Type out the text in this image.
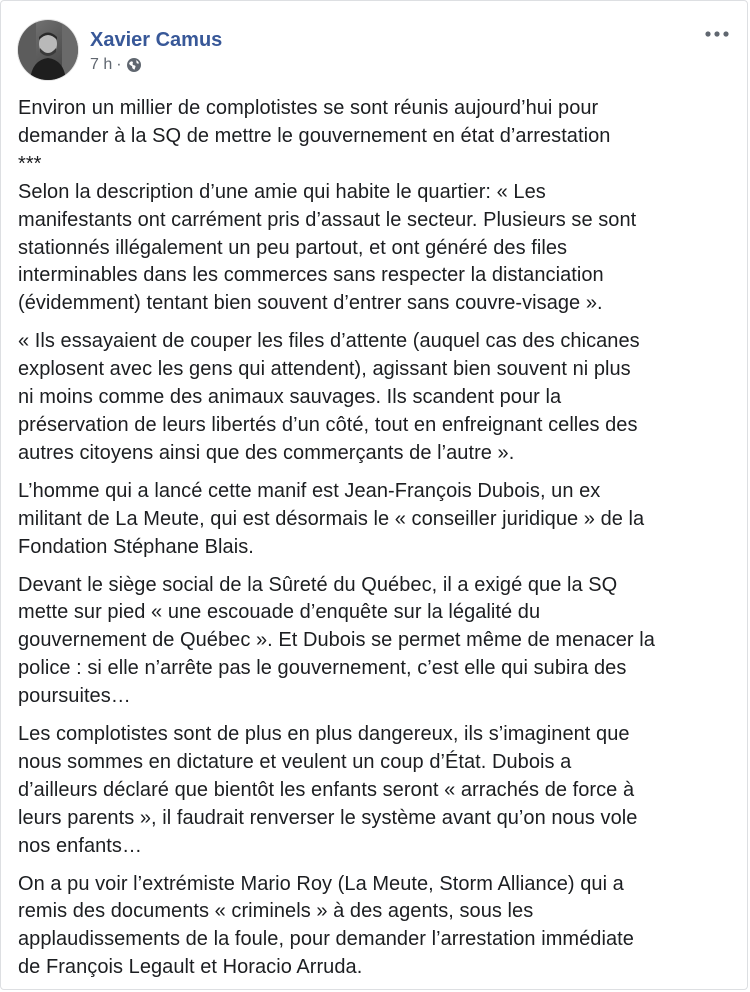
Xavier Camus
7 h ·

Environ un millier de complotistes se sont réunis aujourd’hui pour
demander à la SQ de mettre le gouvernement en état d’arrestation
***
Selon la description d’une amie qui habite le quartier: « Les
manifestants ont carrément pris d’assaut le secteur. Plusieurs se sont
stationnés illégalement un peu partout, et ont généré des files
interminables dans les commerces sans respecter la distanciation
(évidemment) tentant bien souvent d’entrer sans couvre-visage ».

« Ils essayaient de couper les files d’attente (auquel cas des chicanes
explosent avec les gens qui attendent), agissant bien souvent ni plus
ni moins comme des animaux sauvages. Ils scandent pour la
préservation de leurs libertés d’un côté, tout en enfreignant celles des
autres citoyens ainsi que des commerçants de l’autre ».

L’homme qui a lancé cette manif est Jean-François Dubois, un ex
militant de La Meute, qui est désormais le « conseiller juridique » de la
Fondation Stéphane Blais.

Devant le siège social de la Sûreté du Québec, il a exigé que la SQ
mette sur pied « une escouade d’enquête sur la légalité du
gouvernement de Québec ». Et Dubois se permet même de menacer la
police : si elle n’arrête pas le gouvernement, c’est elle qui subira des
poursuites…

Les complotistes sont de plus en plus dangereux, ils s’imaginent que
nous sommes en dictature et veulent un coup d’État. Dubois a
d’ailleurs déclaré que bientôt les enfants seront « arrachés de force à
leurs parents », il faudrait renverser le système avant qu’on nous vole
nos enfants…

On a pu voir l’extrémiste Mario Roy (La Meute, Storm Alliance) qui a
remis des documents « criminels » à des agents, sous les
applaudissements de la foule, pour demander l’arrestation immédiate
de François Legault et Horacio Arruda.
